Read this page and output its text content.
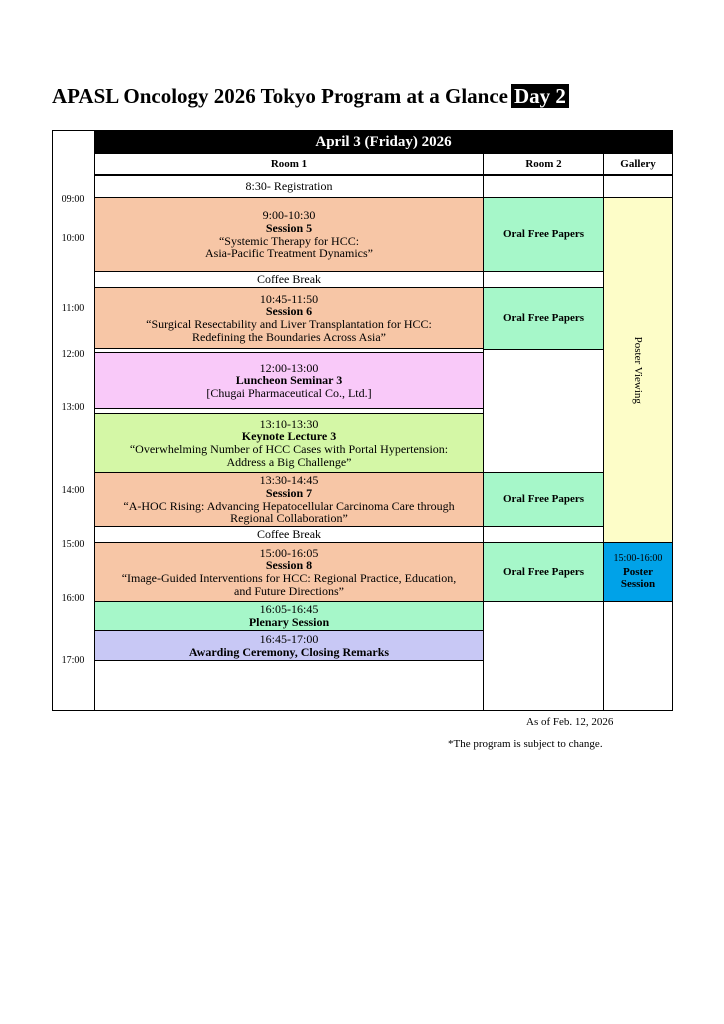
APASL Oncology 2026 Tokyo Program at a Glance Day 2
April 3 (Friday) 2026
Room 1	Room 2	Gallery
09:00
10:00
11:00
12:00
13:00
14:00
15:00
16:00
17:00
8:30- Registration
9:00-10:30
Session 5
“Systemic Therapy for HCC:
Asia-Pacific Treatment Dynamics”
Coffee Break
10:45-11:50
Session 6
“Surgical Resectability and Liver Transplantation for HCC:
Redefining the Boundaries Across Asia”
12:00-13:00
Luncheon Seminar 3
[Chugai Pharmaceutical Co., Ltd.]
13:10-13:30
Keynote Lecture 3
“Overwhelming Number of HCC Cases with Portal Hypertension:
Address a Big Challenge”
13:30-14:45
Session 7
“A-HOC Rising: Advancing Hepatocellular Carcinoma Care through
Regional Collaboration”
Coffee Break
15:00-16:05
Session 8
“Image-Guided Interventions for HCC: Regional Practice, Education,
and Future Directions”
16:05-16:45
Plenary Session
16:45-17:00
Awarding Ceremony, Closing Remarks
Oral Free Papers
Oral Free Papers
Oral Free Papers
Oral Free Papers
Poster Viewing
15:00-16:00
Poster
Session
As of Feb. 12, 2026
*The program is subject to change.
